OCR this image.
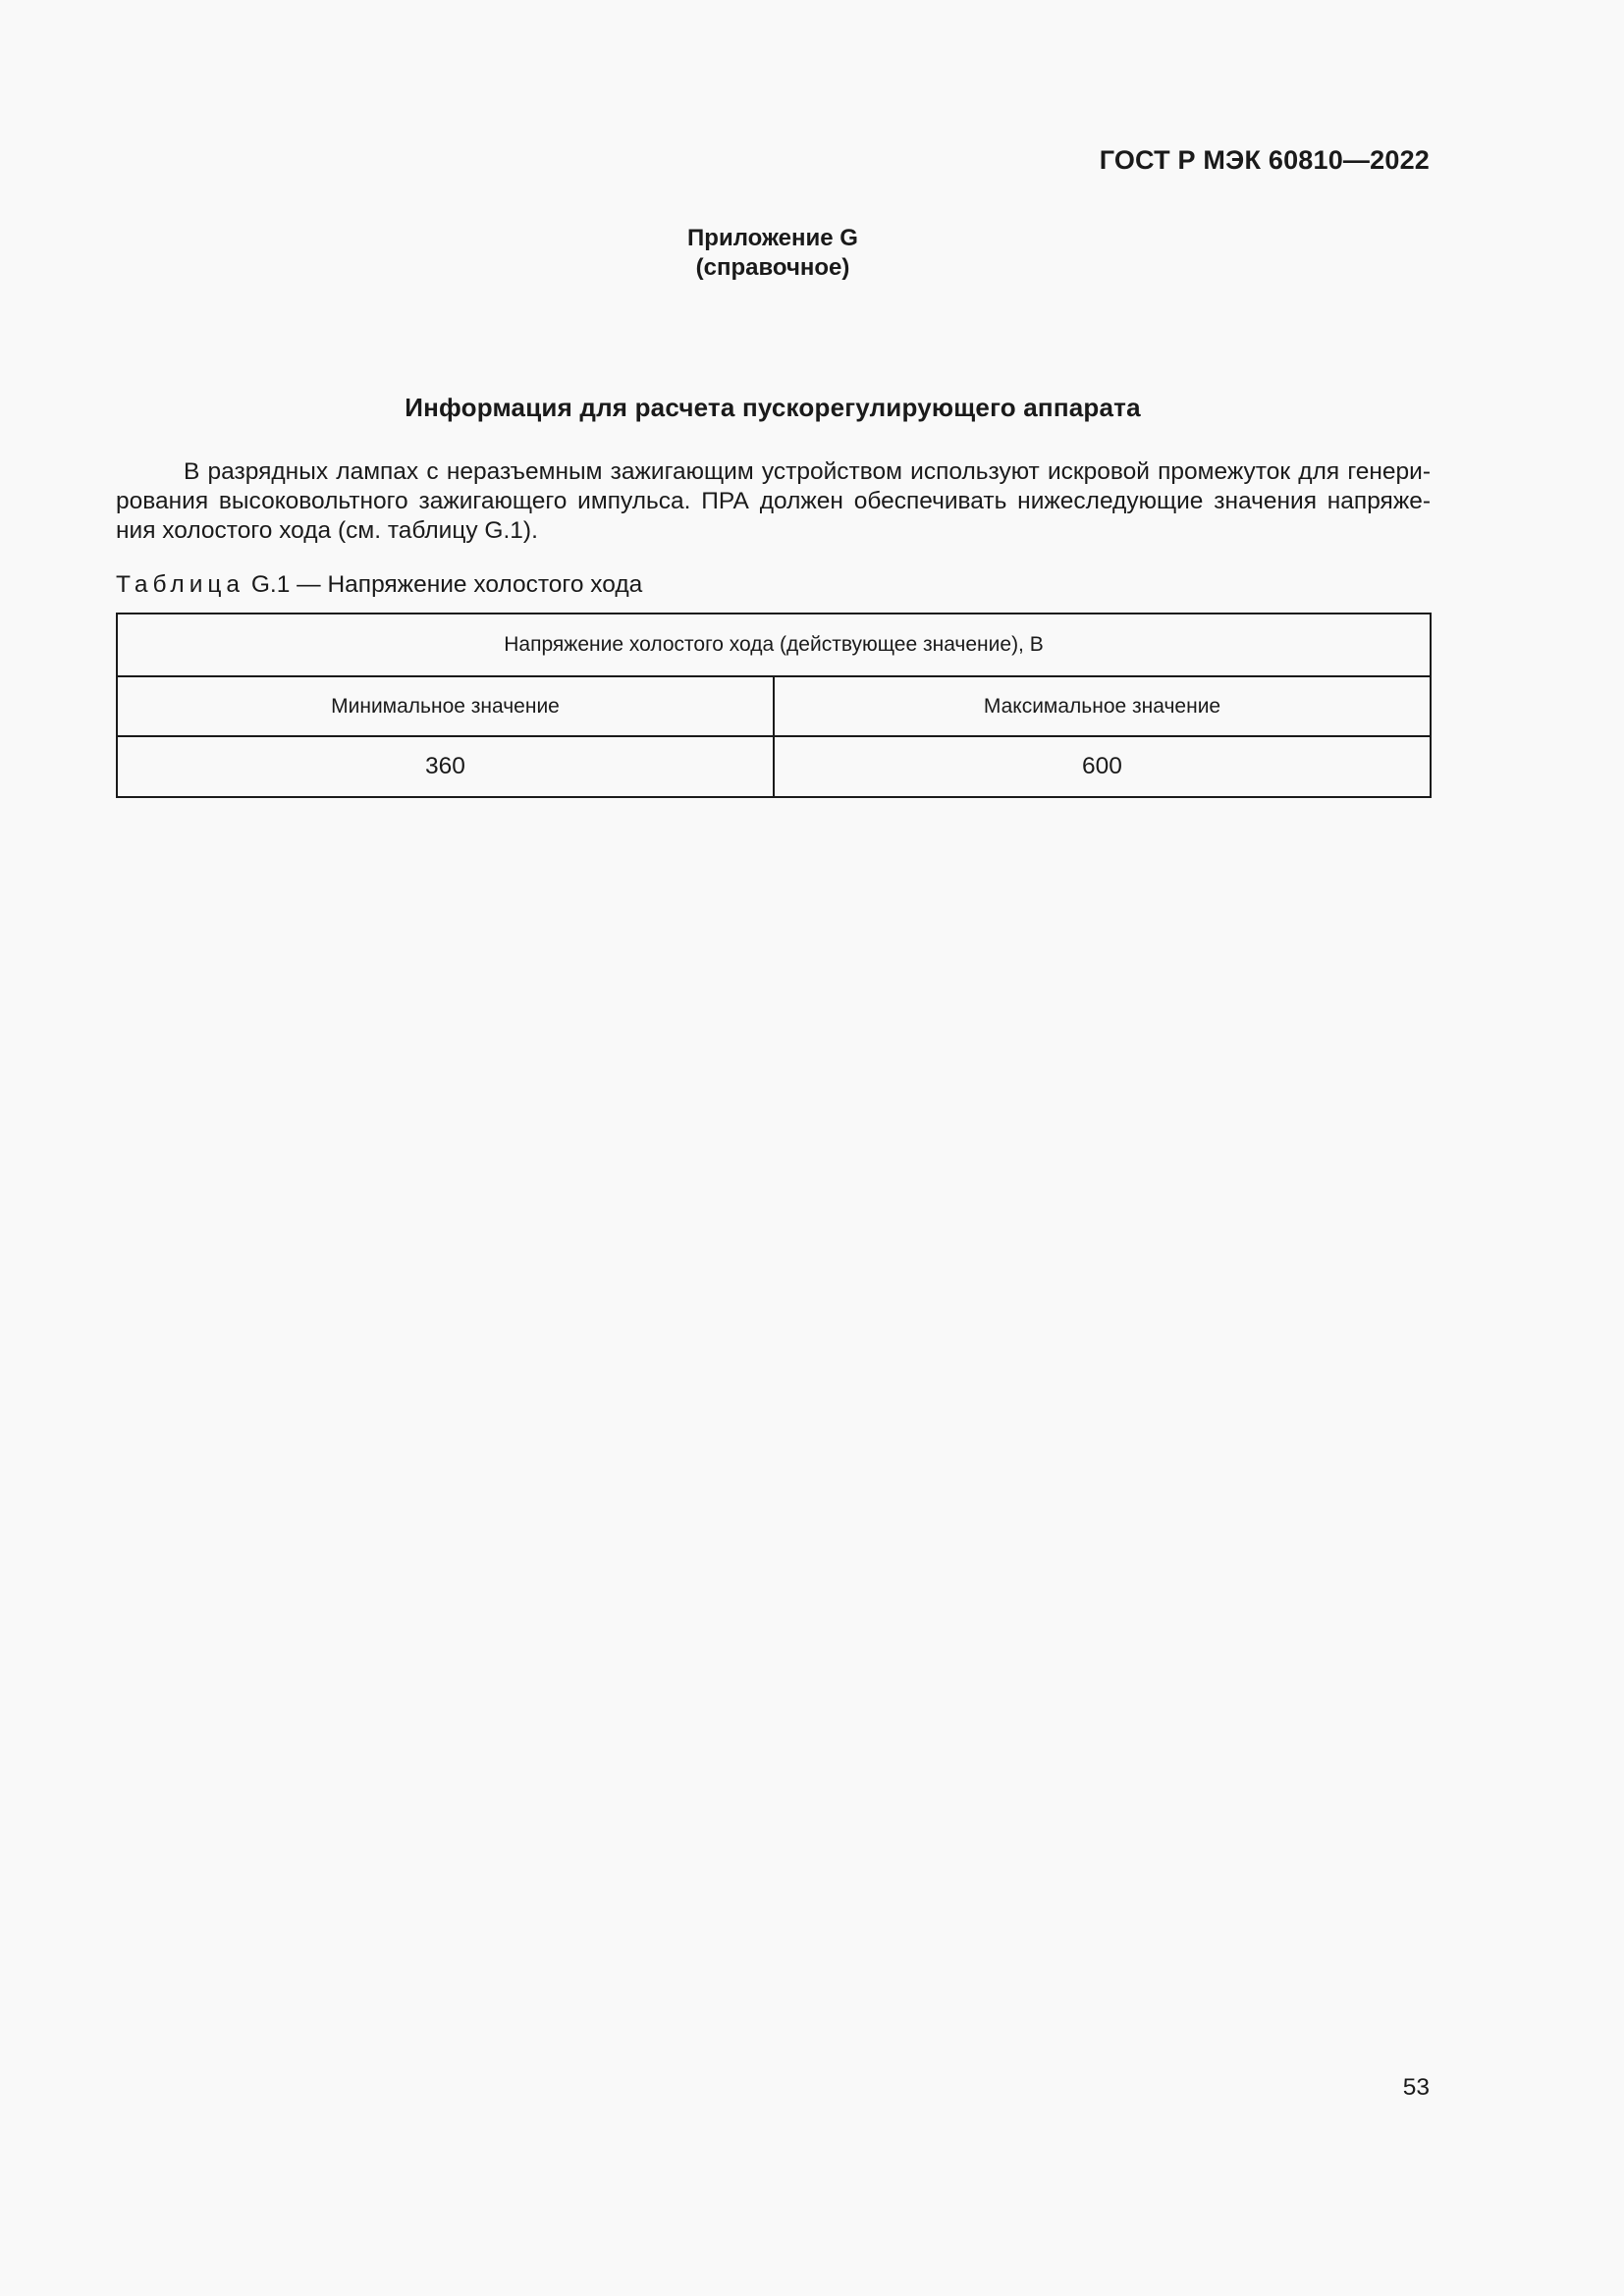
ГОСТ Р МЭК 60810—2022
Приложение G
(справочное)
Информация для расчета пускорегулирующего аппарата

В разрядных лампах с неразъемным зажигающим устройством используют искровой промежуток для генери-
рования высоковольтного зажигающего импульса. ПРА должен обеспечивать нижеследующие значения напряже-
ния холостого хода (см. таблицу G.1).

Таблица G.1 — Напряжение холостого хода
Напряжение холостого хода (действующее значение), В	
Минимальное значение	Максимальное значение
360	600
53
